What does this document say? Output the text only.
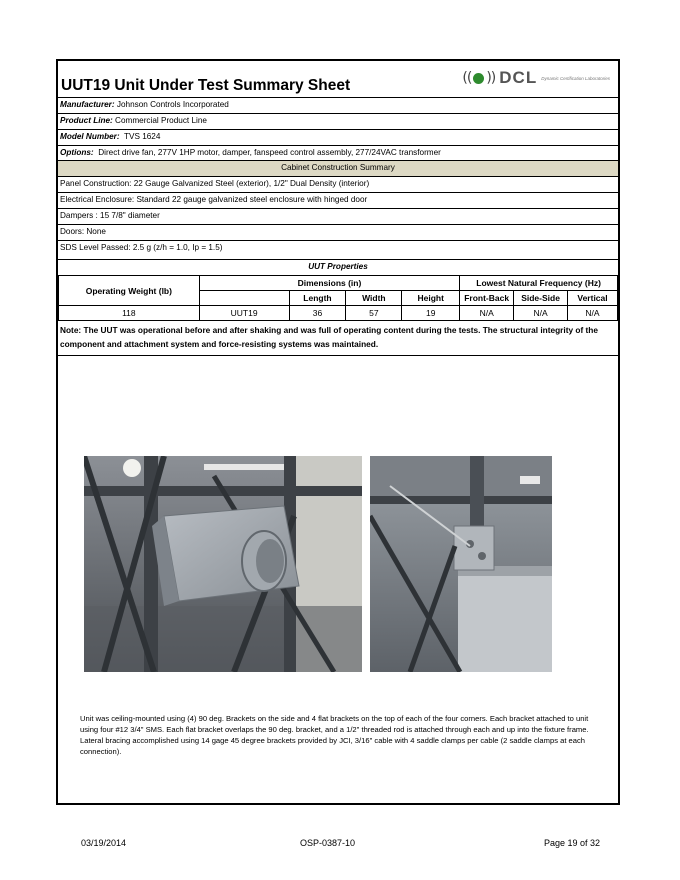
UUT19 Unit Under Test Summary Sheet	(( )) DCL Dynamic Certification Laboratories
Manufacturer: Johnson Controls Incorporated
Product Line: Commercial Product Line
Model Number: TVS 1624
Options: Direct drive fan, 277V 1HP motor, damper, fanspeed control assembly, 277/24VAC transformer
Cabinet Construction Summary
Panel Construction: 22 Gauge Galvanized Steel (exterior), 1/2" Dual Density (interior)
Electrical Enclosure: Standard 22 gauge galvanized steel enclosure with hinged door
Dampers : 15 7/8" diameter
Doors: None
SDS Level Passed: 2.5 g (z/h = 1.0, Ip = 1.5)
UUT Properties
Operating Weight (lb)	Dimensions (in)				Lowest Natural Frequency (Hz)		
		Length	Width	Height	Front-Back	Side-Side	Vertical
118	UUT19	36	57	19	N/A	N/A	N/A
Note: The UUT was operational before and after shaking and was full of operating content during the tests. The structural integrity of the component and attachment system and force-resisting systems was maintained.
Unit was ceiling-mounted using (4) 90 deg. Brackets on the side and 4 flat brackets on the top of each of the four corners. Each bracket attached to unit using four #12 3/4" SMS. Each flat bracket overlaps the 90 deg. bracket, and a 1/2" threaded rod is attached through each and up into the fixture frame. Lateral bracing accomplished using 14 gage 45 degree brackets provided by JCI, 3/16" cable with 4 saddle clamps per cable (2 saddle clamps at each connection).
03/19/2014	OSP-0387-10	Page 19 of 32
